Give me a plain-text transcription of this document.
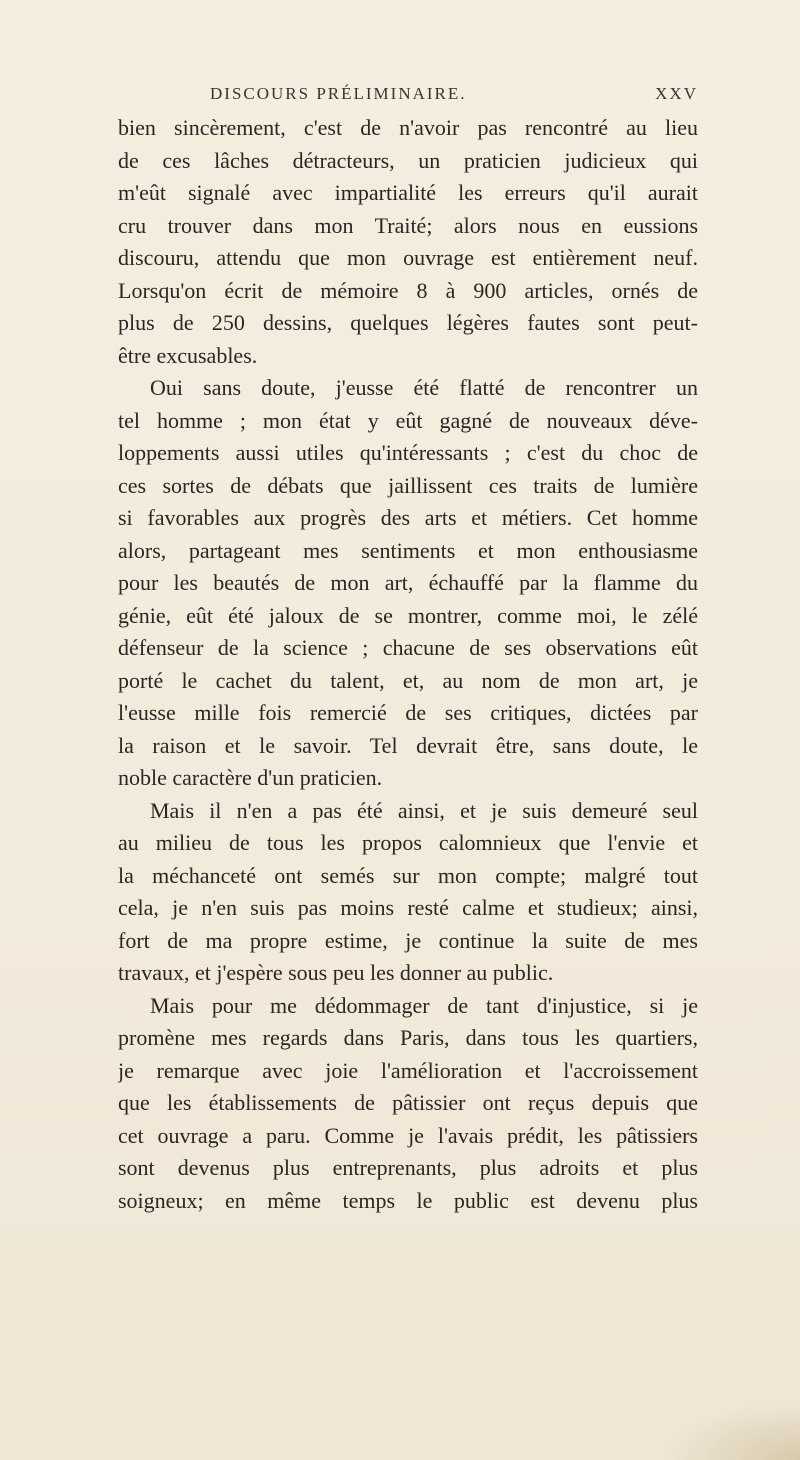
DISCOURS PRÉLIMINAIRE.	XXV
bien sincèrement, c'est de n'avoir pas rencontré au lieu
de ces lâches détracteurs, un praticien judicieux qui
m'eût signalé avec impartialité les erreurs qu'il aurait
cru trouver dans mon Traité; alors nous en eussions
discouru, attendu que mon ouvrage est entièrement neuf.
Lorsqu'on écrit de mémoire 8 à 900 articles, ornés de
plus de 250 dessins, quelques légères fautes sont peut-
être excusables.
Oui sans doute, j'eusse été flatté de rencontrer un
tel homme ; mon état y eût gagné de nouveaux déve-
loppements aussi utiles qu'intéressants ; c'est du choc de
ces sortes de débats que jaillissent ces traits de lumière
si favorables aux progrès des arts et métiers. Cet homme
alors, partageant mes sentiments et mon enthousiasme
pour les beautés de mon art, échauffé par la flamme du
génie, eût été jaloux de se montrer, comme moi, le zélé
défenseur de la science ; chacune de ses observations eût
porté le cachet du talent, et, au nom de mon art, je
l'eusse mille fois remercié de ses critiques, dictées par
la raison et le savoir. Tel devrait être, sans doute, le
noble caractère d'un praticien.
Mais il n'en a pas été ainsi, et je suis demeuré seul
au milieu de tous les propos calomnieux que l'envie et
la méchanceté ont semés sur mon compte; malgré tout
cela, je n'en suis pas moins resté calme et studieux; ainsi,
fort de ma propre estime, je continue la suite de mes
travaux, et j'espère sous peu les donner au public.
Mais pour me dédommager de tant d'injustice, si je
promène mes regards dans Paris, dans tous les quartiers,
je remarque avec joie l'amélioration et l'accroissement
que les établissements de pâtissier ont reçus depuis que
cet ouvrage a paru. Comme je l'avais prédit, les pâtissiers
sont devenus plus entreprenants, plus adroits et plus
soigneux; en même temps le public est devenu plus
